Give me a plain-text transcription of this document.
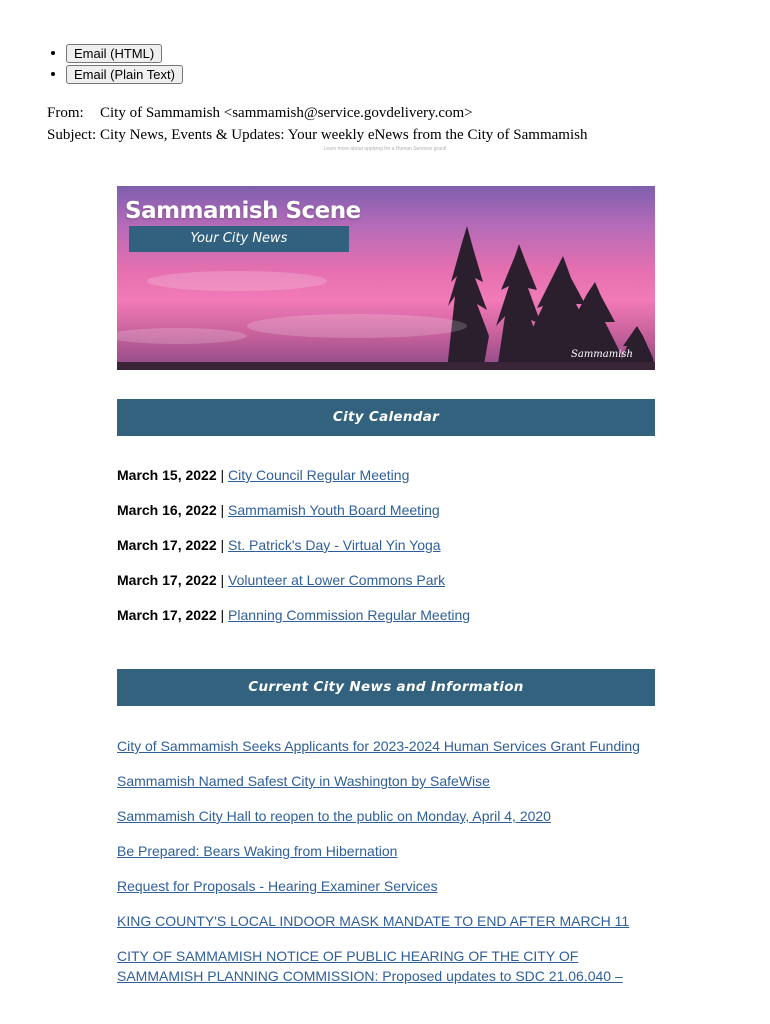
• Email (HTML)
• Email (Plain Text)
From: City of Sammamish <sammamish@service.govdelivery.com>
Subject: City News, Events & Updates: Your weekly eNews from the City of Sammamish
Learn more about applying for a Human Services grant!
Sammamish Scene
Your City News
Sammamish
City Calendar
March 15, 2022 | City Council Regular Meeting
March 16, 2022 | Sammamish Youth Board Meeting
March 17, 2022 | St. Patrick's Day - Virtual Yin Yoga
March 17, 2022 | Volunteer at Lower Commons Park
March 17, 2022 | Planning Commission Regular Meeting
Current City News and Information
City of Sammamish Seeks Applicants for 2023-2024 Human Services Grant Funding
Sammamish Named Safest City in Washington by SafeWise
Sammamish City Hall to reopen to the public on Monday, April 4, 2020
Be Prepared: Bears Waking from Hibernation
Request for Proposals - Hearing Examiner Services
KING COUNTY'S LOCAL INDOOR MASK MANDATE TO END AFTER MARCH 11
CITY OF SAMMAMISH NOTICE OF PUBLIC HEARING OF THE CITY OF
SAMMAMISH PLANNING COMMISSION: Proposed updates to SDC 21.06.040 –
